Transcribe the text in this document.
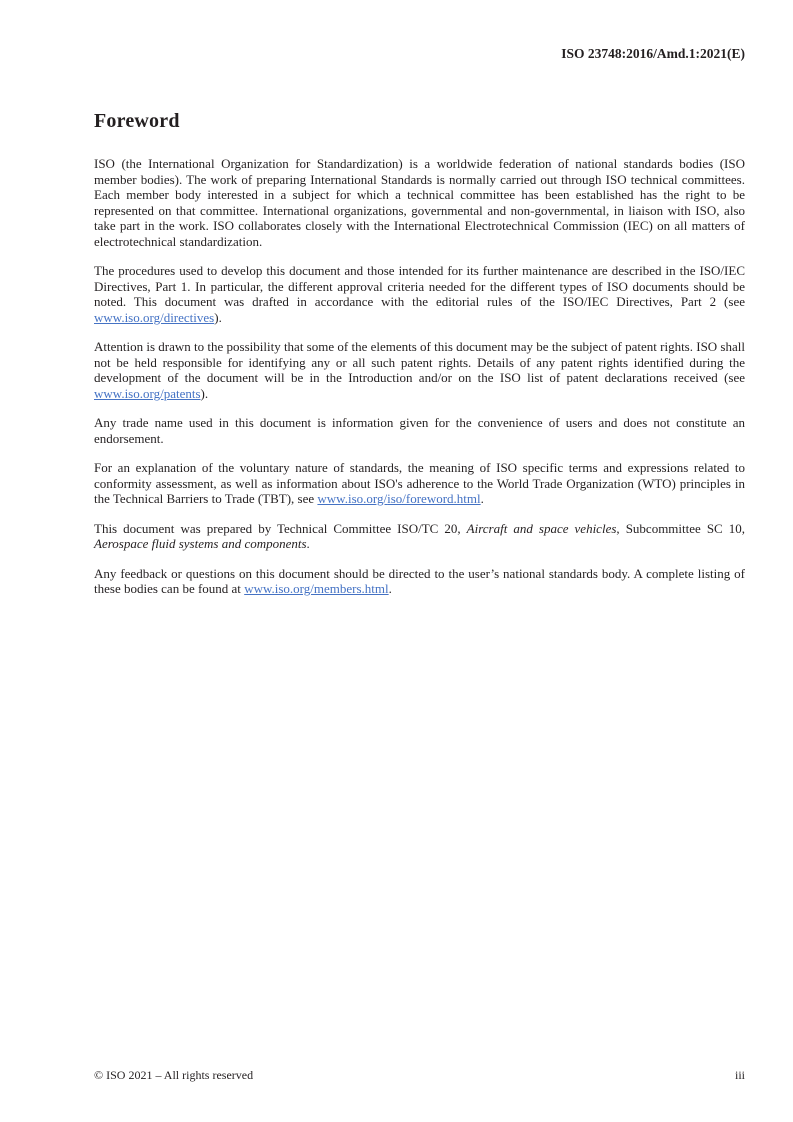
ISO 23748:2016/Amd.1:2021(E)
Foreword

ISO (the International Organization for Standardization) is a worldwide federation of national standards bodies (ISO member bodies). The work of preparing International Standards is normally carried out through ISO technical committees. Each member body interested in a subject for which a technical committee has been established has the right to be represented on that committee. International organizations, governmental and non-governmental, in liaison with ISO, also take part in the work. ISO collaborates closely with the International Electrotechnical Commission (IEC) on all matters of electrotechnical standardization.

The procedures used to develop this document and those intended for its further maintenance are described in the ISO/IEC Directives, Part 1. In particular, the different approval criteria needed for the different types of ISO documents should be noted. This document was drafted in accordance with the editorial rules of the ISO/IEC Directives, Part 2 (see www.iso.org/directives).

Attention is drawn to the possibility that some of the elements of this document may be the subject of patent rights. ISO shall not be held responsible for identifying any or all such patent rights. Details of any patent rights identified during the development of the document will be in the Introduction and/or on the ISO list of patent declarations received (see www.iso.org/patents).

Any trade name used in this document is information given for the convenience of users and does not constitute an endorsement.

For an explanation of the voluntary nature of standards, the meaning of ISO specific terms and expressions related to conformity assessment, as well as information about ISO's adherence to the World Trade Organization (WTO) principles in the Technical Barriers to Trade (TBT), see www.iso.org/iso/foreword.html.

This document was prepared by Technical Committee ISO/TC 20, Aircraft and space vehicles, Subcommittee SC 10, Aerospace fluid systems and components.

Any feedback or questions on this document should be directed to the user’s national standards body. A complete listing of these bodies can be found at www.iso.org/members.html.

© ISO 2021 – All rights reserved	iii
